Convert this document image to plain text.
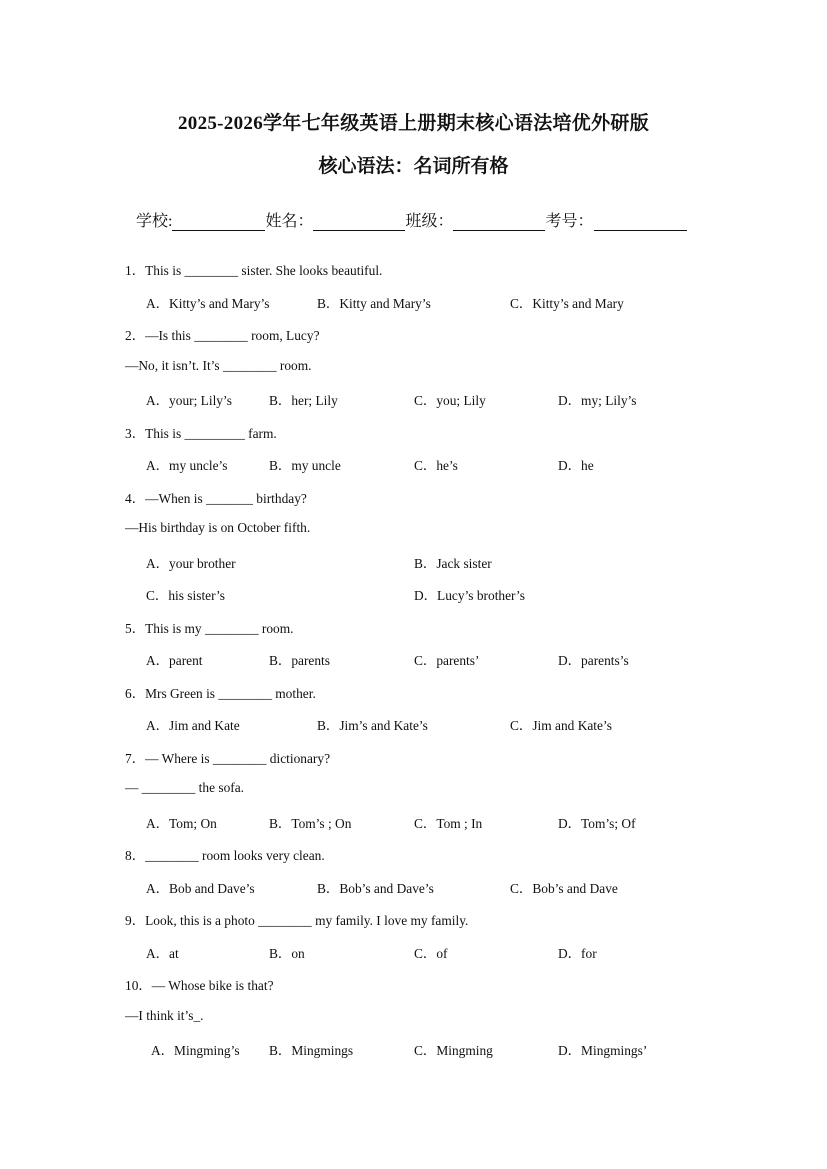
2025-2026学年七年级英语上册期末核心语法培优外研版
核心语法：名词所有格
学校:	姓名：	班级：	考号：
1．This is ________ sister. She looks beautiful.
A．Kitty’s and Mary’s	B．Kitty and Mary’s	C．Kitty’s and Mary
2．—Is this ________ room, Lucy?
—No, it isn’t. It’s ________ room.
A．your; Lily’s	B．her; Lily	C．you; Lily	D．my; Lily’s
3．This is _________ farm.
A．my uncle’s	B．my uncle	C．he’s	D．he
4．—When is _______ birthday?
—His birthday is on October fifth.
A．your brother	B．Jack sister
C．his sister’s	D．Lucy’s brother’s
5．This is my ________ room.
A．parent	B．parents	C．parents’	D．parents’s
6．Mrs Green is ________ mother.
A．Jim and Kate	B．Jim’s and Kate’s	C．Jim and Kate’s
7．— Where is ________ dictionary?
— ________ the sofa.
A．Tom; On	B．Tom’s ; On	C．Tom ; In	D．Tom’s; Of
8．________ room looks very clean.
A．Bob and Dave’s	B．Bob’s and Dave’s	C．Bob’s and Dave
9．Look, this is a photo ________ my family. I love my family.
A．at	B．on	C．of	D．for
10．— Whose bike is that?
—I think it’s_.
A．Mingming’s B．Mingmings	C．Mingming	D．Mingmings’
